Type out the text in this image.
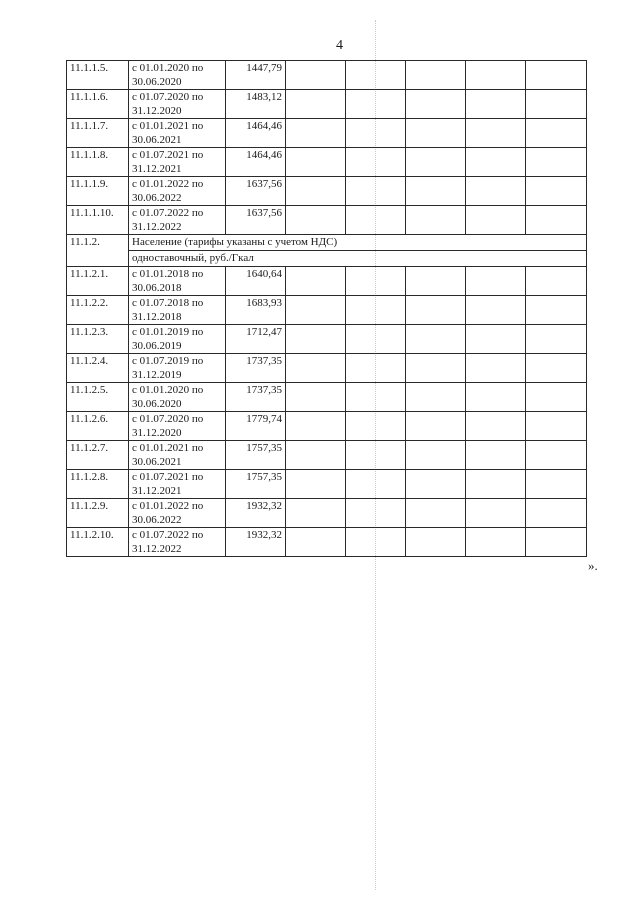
4
11.1.1.5.	с 01.01.2020 по
30.06.2020	1447,79					
11.1.1.6.	с 01.07.2020 по
31.12.2020	1483,12					
11.1.1.7.	с 01.01.2021 по
30.06.2021	1464,46					
11.1.1.8.	с 01.07.2021 по
31.12.2021	1464,46					
11.1.1.9.	с 01.01.2022 по
30.06.2022	1637,56					
11.1.1.10.	с 01.07.2022 по
31.12.2022	1637,56					
11.1.2.	Население (тарифы указаны с учетом НДС)						
	одноставочный, руб./Гкал						
11.1.2.1.	с 01.01.2018 по
30.06.2018	1640,64					
11.1.2.2.	с 01.07.2018 по
31.12.2018	1683,93					
11.1.2.3.	с 01.01.2019 по
30.06.2019	1712,47					
11.1.2.4.	с 01.07.2019 по
31.12.2019	1737,35					
11.1.2.5.	с 01.01.2020 по
30.06.2020	1737,35					
11.1.2.6.	с 01.07.2020 по
31.12.2020	1779,74					
11.1.2.7.	с 01.01.2021 по
30.06.2021	1757,35					
11.1.2.8.	с 01.07.2021 по
31.12.2021	1757,35					
11.1.2.9.	с 01.01.2022 по
30.06.2022	1932,32					
11.1.2.10.	с 01.07.2022 по
31.12.2022	1932,32					
».
